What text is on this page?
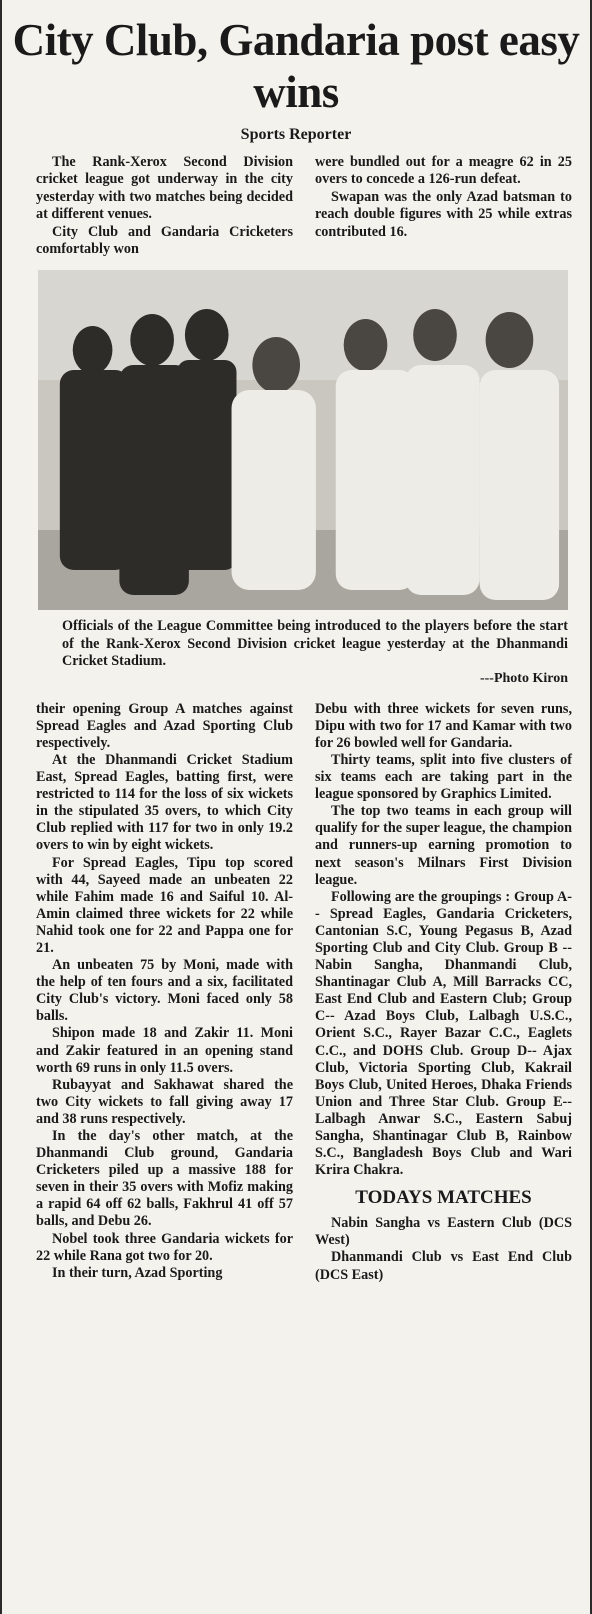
City Club, Gandaria post easy wins
Sports Reporter

The Rank-Xerox Second Division cricket league got underway in the city yesterday with two matches being decided at different venues.

City Club and Gandaria Cricketers comfortably won

were bundled out for a meagre 62 in 25 overs to concede a 126-run defeat.

Swapan was the only Azad batsman to reach double figures with 25 while extras contributed 16.

Officials of the League Committee being introduced to the players before the start of the Rank-Xerox Second Division cricket league yesterday at the Dhanmandi Cricket Stadium.
---Photo Kiron

their opening Group A matches against Spread Eagles and Azad Sporting Club respectively.

At the Dhanmandi Cricket Stadium East, Spread Eagles, batting first, were restricted to 114 for the loss of six wickets in the stipulated 35 overs, to which City Club replied with 117 for two in only 19.2 overs to win by eight wickets.

For Spread Eagles, Tipu top scored with 44, Sayeed made an unbeaten 22 while Fahim made 16 and Saiful 10. Al-Amin claimed three wickets for 22 while Nahid took one for 22 and Pappa one for 21.

An unbeaten 75 by Moni, made with the help of ten fours and a six, facilitated City Club's victory. Moni faced only 58 balls.

Shipon made 18 and Zakir 11. Moni and Zakir featured in an opening stand worth 69 runs in only 11.5 overs.

Rubayyat and Sakhawat shared the two City wickets to fall giving away 17 and 38 runs respectively.

In the day's other match, at the Dhanmandi Club ground, Gandaria Cricketers piled up a massive 188 for seven in their 35 overs with Mofiz making a rapid 64 off 62 balls, Fakhrul 41 off 57 balls, and Debu 26.

Nobel took three Gandaria wickets for 22 while Rana got two for 20.

In their turn, Azad Sporting

Debu with three wickets for seven runs, Dipu with two for 17 and Kamar with two for 26 bowled well for Gandaria.

Thirty teams, split into five clusters of six teams each are taking part in the league sponsored by Graphics Limited.

The top two teams in each group will qualify for the super league, the champion and runners-up earning promotion to next season's Milnars First Division league.

Following are the groupings : Group A-- Spread Eagles, Gandaria Cricketers, Cantonian S.C, Young Pegasus B, Azad Sporting Club and City Club. Group B -- Nabin Sangha, Dhanmandi Club, Shantinagar Club A, Mill Barracks CC, East End Club and Eastern Club; Group C-- Azad Boys Club, Lalbagh U.S.C., Orient S.C., Rayer Bazar C.C., Eaglets C.C., and DOHS Club. Group D-- Ajax Club, Victoria Sporting Club, Kakrail Boys Club, United Heroes, Dhaka Friends Union and Three Star Club. Group E-- Lalbagh Anwar S.C., Eastern Sabuj Sangha, Shantinagar Club B, Rainbow S.C., Bangladesh Boys Club and Wari Krira Chakra.

TODAYS MATCHES

Nabin Sangha vs Eastern Club (DCS West)

Dhanmandi Club vs East End Club (DCS East)
